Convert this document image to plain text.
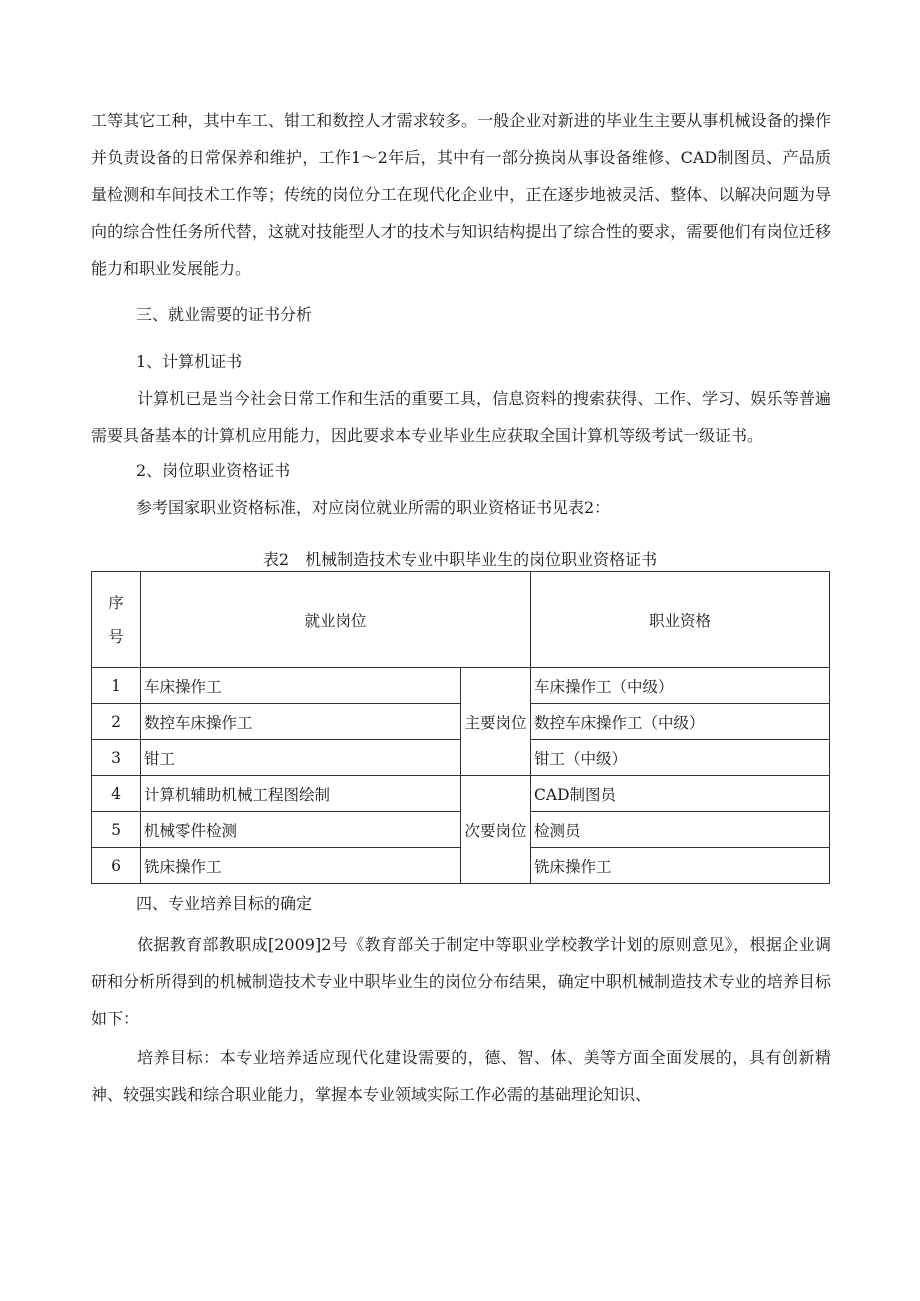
工等其它工种，其中车工、钳工和数控人才需求较多。一般企业对新进的毕业生主要从事机械设备的操作并负责设备的日常保养和维护，工作1～2年后，其中有一部分换岗从事设备维修、CAD制图员、产品质量检测和车间技术工作等；传统的岗位分工在现代化企业中，正在逐步地被灵活、整体、以解决问题为导向的综合性任务所代替，这就对技能型人才的技术与知识结构提出了综合性的要求，需要他们有岗位迁移能力和职业发展能力。

三、就业需要的证书分析

1、计算机证书

计算机已是当今社会日常工作和生活的重要工具，信息资料的搜索获得、工作、学习、娱乐等普遍需要具备基本的计算机应用能力，因此要求本专业毕业生应获取全国计算机等级考试一级证书。

2、岗位职业资格证书

参考国家职业资格标准，对应岗位就业所需的职业资格证书见表2：

表2　机械制造技术专业中职毕业生的岗位职业资格证书
序
号	就业岗位		职业资格
1	车床操作工	主要岗位	车床操作工（中级）
2	数控车床操作工		数控车床操作工（中级）
3	钳工		钳工（中级）
4	计算机辅助机械工程图绘制	次要岗位	CAD制图员
5	机械零件检测		检测员
6	铣床操作工		铣床操作工

四、专业培养目标的确定

依据教育部教职成[2009]2号《教育部关于制定中等职业学校教学计划的原则意见》，根据企业调研和分析所得到的机械制造技术专业中职毕业生的岗位分布结果，确定中职机械制造技术专业的培养目标如下：

培养目标：本专业培养适应现代化建设需要的，德、智、体、美等方面全面发展的，具有创新精神、较强实践和综合职业能力，掌握本专业领域实际工作必需的基础理论知识、
